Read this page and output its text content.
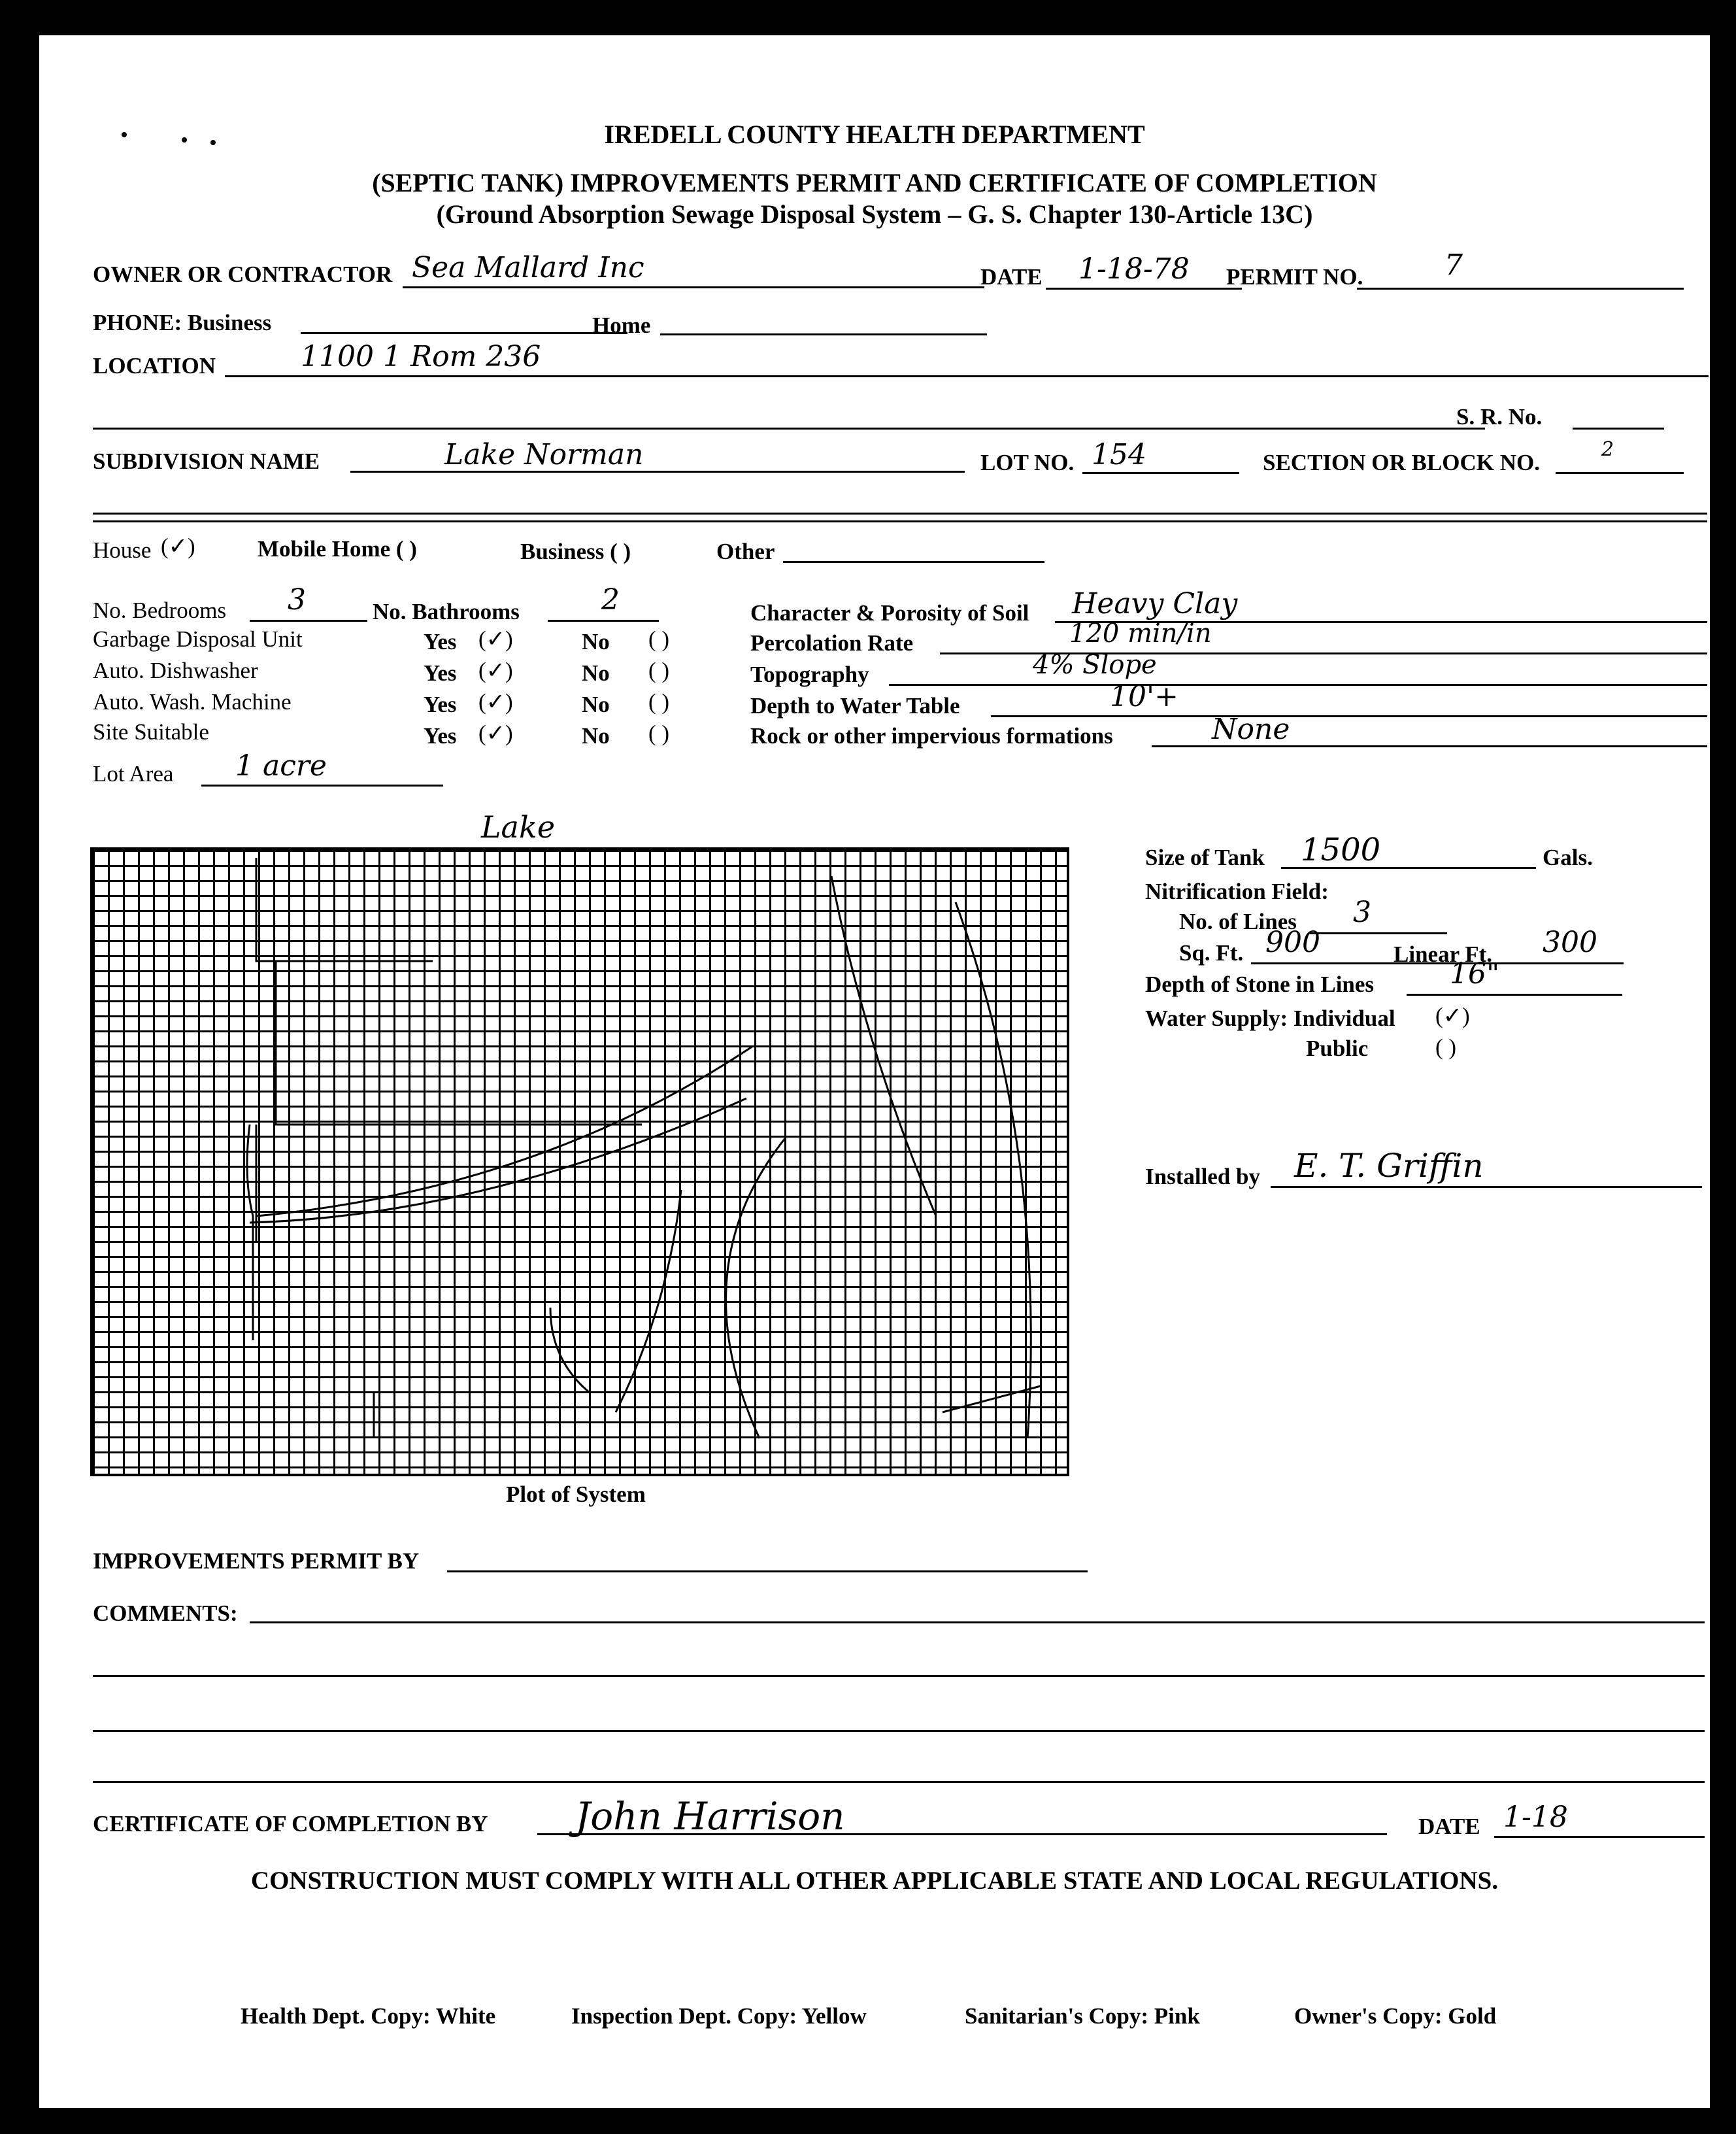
IREDELL COUNTY HEALTH DEPARTMENT
(SEPTIC TANK) IMPROVEMENTS PERMIT AND CERTIFICATE OF COMPLETION
(Ground Absorption Sewage Disposal System – G. S. Chapter 130-Article 13C)
OWNER OR CONTRACTOR Sea Mallard Inc	DATE 1-18-78 PERMIT NO.	7
PHONE: Business	Home
LOCATION	1100 1 Rom 236
S. R. No.
SUBDIVISION NAME	Lake Norman	LOT NO. 154	SECTION OR BLOCK NO.
2
House (✓)	Mobile Home ( )	Business ( )	Other
No. Bedrooms 3	No. Bathrooms	2
Garbage Disposal Unit	Yes (✓)	No ( )
Auto. Dishwasher	Yes (✓)	No ( )
Auto. Wash. Machine	Yes (✓)	No ( )
Site Suitable	Yes (✓)	No ( )
Lot Area 1 acre
Character & Porosity of Soil Heavy Clay
Percolation Rate	120 min/in
Topography	4% Slope
Depth to Water Table	10'+
Rock or other impervious formations	None
Lake
Plot of System
Size of Tank 1500	Gals.
Nitrification Field:
No. of Lines 3
Sq. Ft. 900	Linear Ft. 300
Depth of Stone in Lines	16"
Water Supply: Individual (✓)
Public	( )
Installed by E. T. Griffin
IMPROVEMENTS PERMIT BY
COMMENTS:
CERTIFICATE OF COMPLETION BY John Harrison	DATE 1-18
CONSTRUCTION MUST COMPLY WITH ALL OTHER APPLICABLE STATE AND LOCAL REGULATIONS.
Health Dept. Copy: White	Inspection Dept. Copy: Yellow	Sanitarian's Copy: Pink	Owner's Copy: Gold
